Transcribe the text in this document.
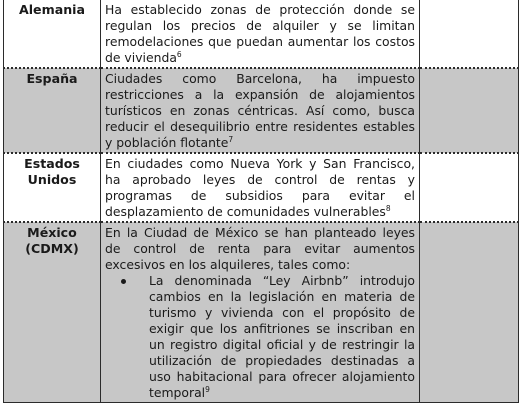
Alemania	Ha establecido zonas de protección donde se regulan los precios de alquiler y se limitan remodelaciones que puedan aumentar los costos de vivienda$^6$	
España	Ciudades como Barcelona, ha impuesto restricciones a la expansión de alojamientos turísticos en zonas céntricas. Así como, busca reducir el desequilibrio entre residentes estables y población flotante$^7$	
Estados Unidos	En ciudades como Nueva York y San Francisco, ha aprobado leyes de control de rentas y programas de subsidios para evitar el desplazamiento de comunidades vulnerables$^8$	
México (CDMX)	En la Ciudad de México se han planteado leyes de control de renta para evitar aumentos excesivos en los alquileres, tales como:
La denominada “Ley Airbnb” introdujo cambios en la legislación en materia de turismo y vivienda con el propósito de exigir que los anfitriones se inscriban en un registro digital oficial y de restringir la utilización de propiedades destinadas a uso habitacional para ofrecer alojamiento temporal$^9$
